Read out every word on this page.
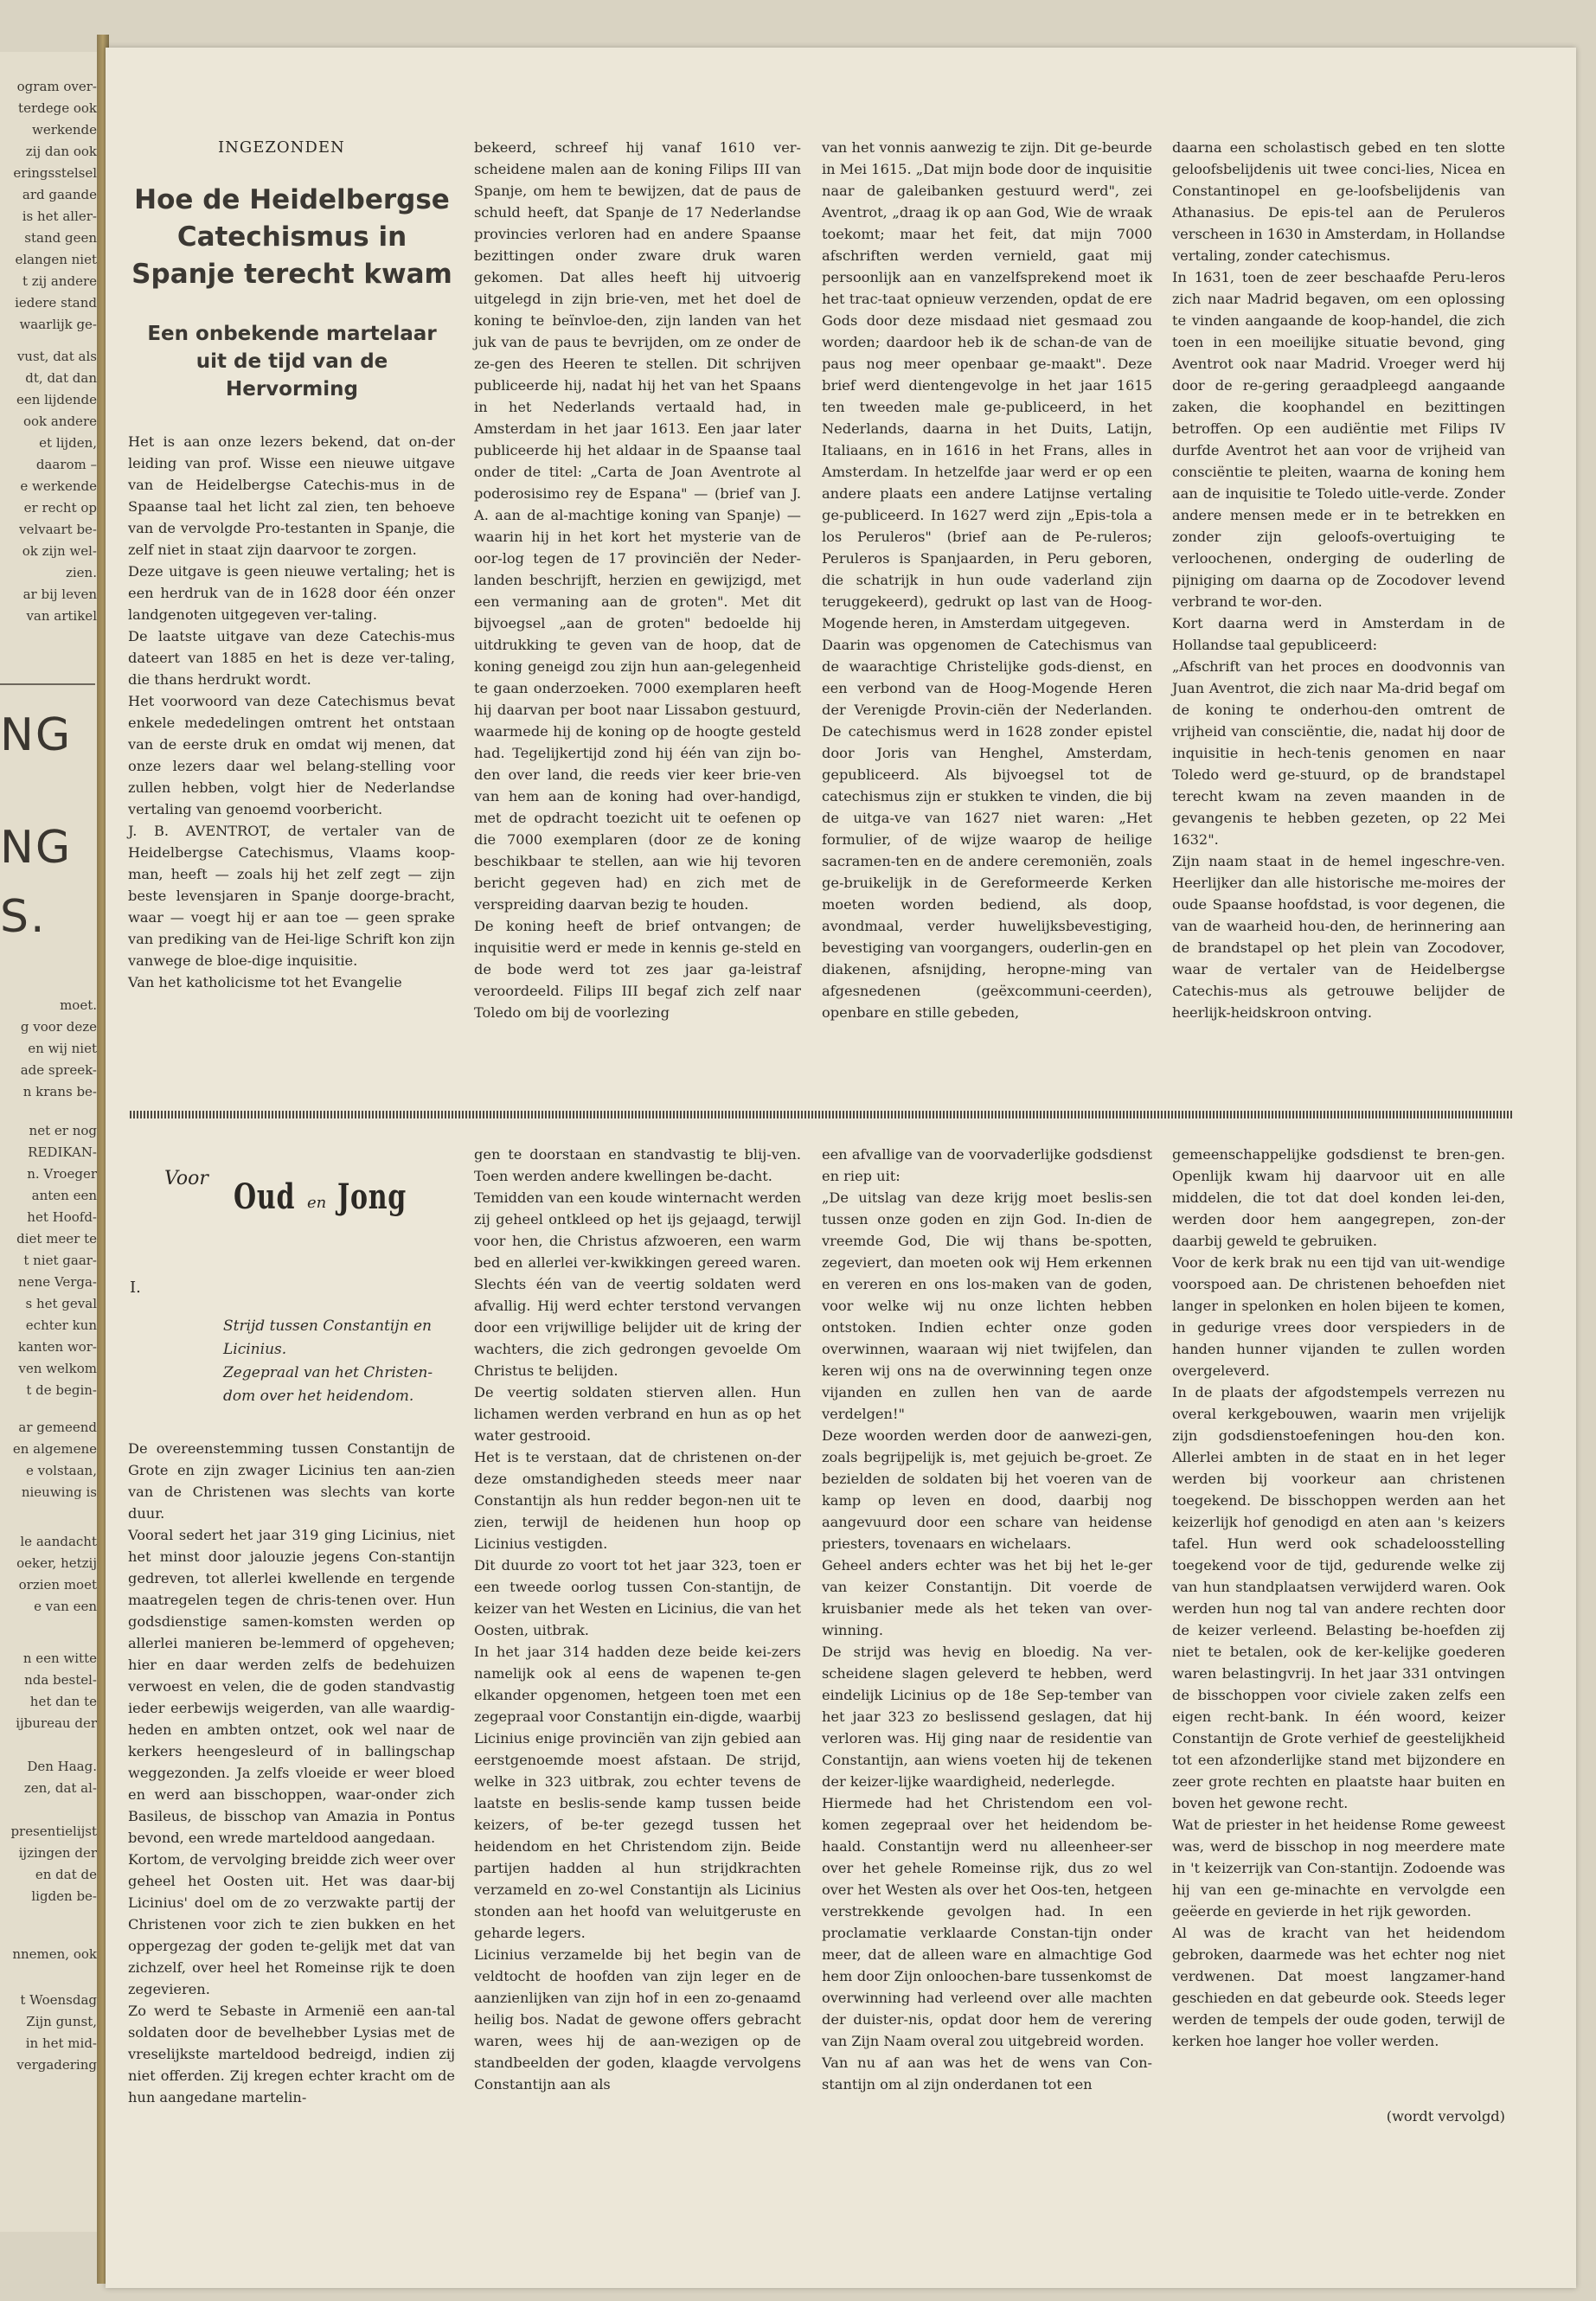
ogram over-
terdege ook
werkende
zij dan ook
eringsstelsel
ard gaande
is het aller-
stand geen
elangen niet
t zij andere
iedere stand
waarlijk ge-
vust, dat als
dt, dat dan
een lijdende
ook andere
et lijden,
daarom –
e werkende
er recht op
velvaart be-
ok zijn wel-
zien.
ar bij leven
van artikel
moet.
g voor deze
en wij niet
ade spreek-
n krans be-
net er nog
REDIKAN-
n. Vroeger
anten een
het Hoofd-
diet meer te
t niet gaar-
nene Verga-
s het geval
echter kun
kanten wor-
ven welkom
t de begin-
ar gemeend
en algemene
e volstaan,
nieuwing is
le aandacht
oeker, hetzij
orzien moet
e van een
n een witte
nda bestel-
het dan te
ijbureau der
Den Haag.
zen, dat al-
presentielijst
ijzingen der
en dat de
ligden be-
nnemen, ook
t Woensdag
Zijn gunst,
in het mid-
vergadering
NG
NG
S.
INGEZONDEN
Hoe de Heidelbergse Catechismus in Spanje terecht kwam
Een onbekende martelaar uit de tijd van de Hervorming

Het is aan onze lezers bekend, dat on-der leiding van prof. Wisse een nieuwe uitgave van de Heidelbergse Catechis-mus in de Spaanse taal het licht zal zien, ten behoeve van de vervolgde Pro-testanten in Spanje, die zelf niet in staat zijn daarvoor te zorgen.

Deze uitgave is geen nieuwe vertaling; het is een herdruk van de in 1628 door één onzer landgenoten uitgegeven ver-taling.

De laatste uitgave van deze Catechis-mus dateert van 1885 en het is deze ver-taling, die thans herdrukt wordt.

Het voorwoord van deze Catechismus bevat enkele mededelingen omtrent het ontstaan van de eerste druk en omdat wij menen, dat onze lezers daar wel belang-stelling voor zullen hebben, volgt hier de Nederlandse vertaling van genoemd voorbericht.

J. B. AVENTROT, de vertaler van de Heidelbergse Catechismus, Vlaams koop-man, heeft — zoals hij het zelf zegt — zijn beste levensjaren in Spanje doorge-bracht, waar — voegt hij er aan toe — geen sprake van prediking van de Hei-lige Schrift kon zijn vanwege de bloe-dige inquisitie.

Van het katholicisme tot het Evangelie

bekeerd, schreef hij vanaf 1610 ver-scheidene malen aan de koning Filips III van Spanje, om hem te bewijzen, dat de paus de schuld heeft, dat Spanje de 17 Nederlandse provincies verloren had en andere Spaanse bezittingen onder zware druk waren gekomen. Dat alles heeft hij uitvoerig uitgelegd in zijn brie-ven, met het doel de koning te beïnvloe-den, zijn landen van het juk van de paus te bevrijden, om ze onder de ze-gen des Heeren te stellen. Dit schrijven publiceerde hij, nadat hij het van het Spaans in het Nederlands vertaald had, in Amsterdam in het jaar 1613. Een jaar later publiceerde hij het aldaar in de Spaanse taal onder de titel: „Carta de Joan Aventrote al poderosisimo rey de Espana" — (brief van J. A. aan de al-machtige koning van Spanje) — waarin hij in het kort het mysterie van de oor-log tegen de 17 provinciën der Neder-landen beschrijft, herzien en gewijzigd, met een vermaning aan de groten". Met dit bijvoegsel „aan de groten" bedoelde hij uitdrukking te geven van de hoop, dat de koning geneigd zou zijn hun aan-gelegenheid te gaan onderzoeken. 7000 exemplaren heeft hij daarvan per boot naar Lissabon gestuurd, waarmede hij de koning op de hoogte gesteld had. Tegelijkertijd zond hij één van zijn bo-den over land, die reeds vier keer brie-ven van hem aan de koning had over-handigd, met de opdracht toezicht uit te oefenen op die 7000 exemplaren (door ze de koning beschikbaar te stellen, aan wie hij tevoren bericht gegeven had) en zich met de verspreiding daarvan bezig te houden.

De koning heeft de brief ontvangen; de inquisitie werd er mede in kennis ge-steld en de bode werd tot zes jaar ga-leistraf veroordeeld. Filips III begaf zich zelf naar Toledo om bij de voorlezing

van het vonnis aanwezig te zijn. Dit ge-beurde in Mei 1615. „Dat mijn bode door de inquisitie naar de galeibanken gestuurd werd", zei Aventrot, „draag ik op aan God, Wie de wraak toekomt; maar het feit, dat mijn 7000 afschriften werden vernield, gaat mij persoonlijk aan en vanzelfsprekend moet ik het trac-taat opnieuw verzenden, opdat de ere Gods door deze misdaad niet gesmaad zou worden; daardoor heb ik de schan-de van de paus nog meer openbaar ge-maakt". Deze brief werd dientengevolge in het jaar 1615 ten tweeden male ge-publiceerd, in het Nederlands, daarna in het Duits, Latijn, Italiaans, en in 1616 in het Frans, alles in Amsterdam. In hetzelfde jaar werd er op een andere plaats een andere Latijnse vertaling ge-publiceerd. In 1627 werd zijn „Epis-tola a los Peruleros" (brief aan de Pe-ruleros; Peruleros is Spanjaarden, in Peru geboren, die schatrijk in hun oude vaderland zijn teruggekeerd), gedrukt op last van de Hoog-Mogende heren, in Amsterdam uitgegeven.

Daarin was opgenomen de Catechismus van de waarachtige Christelijke gods-dienst, en een verbond van de Hoog-Mogende Heren der Verenigde Provin-ciën der Nederlanden. De catechismus werd in 1628 zonder epistel door Joris van Henghel, Amsterdam, gepubliceerd. Als bijvoegsel tot de catechismus zijn er stukken te vinden, die bij de uitga-ve van 1627 niet waren: „Het formulier, of de wijze waarop de heilige sacramen-ten en de andere ceremoniën, zoals ge-bruikelijk in de Gereformeerde Kerken moeten worden bediend, als doop, avondmaal, verder huwelijksbevestiging, bevestiging van voorgangers, ouderlin-gen en diakenen, afsnijding, heropne-ming van afgesnedenen (geëxcommuni-ceerden), openbare en stille gebeden,

daarna een scholastisch gebed en ten slotte geloofsbelijdenis uit twee conci-lies, Nicea en Constantinopel en ge-loofsbelijdenis van Athanasius. De epis-tel aan de Peruleros verscheen in 1630 in Amsterdam, in Hollandse vertaling, zonder catechismus.

In 1631, toen de zeer beschaafde Peru-leros zich naar Madrid begaven, om een oplossing te vinden aangaande de koop-handel, die zich toen in een moeilijke situatie bevond, ging Aventrot ook naar Madrid. Vroeger werd hij door de re-gering geraadpleegd aangaande zaken, die koophandel en bezittingen betroffen. Op een audiëntie met Filips IV durfde Aventrot het aan voor de vrijheid van consciëntie te pleiten, waarna de koning hem aan de inquisitie te Toledo uitle-verde. Zonder andere mensen mede er in te betrekken en zonder zijn geloofs-overtuiging te verloochenen, onderging de ouderling de pijniging om daarna op de Zocodover levend verbrand te wor-den.

Kort daarna werd in Amsterdam in de Hollandse taal gepubliceerd:

„Afschrift van het proces en doodvonnis van Juan Aventrot, die zich naar Ma-drid begaf om de koning te onderhou-den omtrent de vrijheid van consciëntie, die, nadat hij door de inquisitie in hech-tenis genomen en naar Toledo werd ge-stuurd, op de brandstapel terecht kwam na zeven maanden in de gevangenis te hebben gezeten, op 22 Mei 1632".

Zijn naam staat in de hemel ingeschre-ven. Heerlijker dan alle historische me-moires der oude Spaanse hoofdstad, is voor degenen, die van de waarheid hou-den, de herinnering aan de brandstapel op het plein van Zocodover, waar de vertaler van de Heidelbergse Catechis-mus als getrouwe belijder de heerlijk-heidskroon ontving.

Voor Oud en Jong
I.
Strijd tussen Constantijn en Licinius.
Zegepraal van het Christen-dom over het heidendom.

De overeenstemming tussen Constantijn de Grote en zijn zwager Licinius ten aan-zien van de Christenen was slechts van korte duur.

Vooral sedert het jaar 319 ging Licinius, niet het minst door jalouzie jegens Con-stantijn gedreven, tot allerlei kwellende en tergende maatregelen tegen de chris-tenen over. Hun godsdienstige samen-komsten werden op allerlei manieren be-lemmerd of opgeheven; hier en daar werden zelfs de bedehuizen verwoest en velen, die de goden standvastig ieder eerbewijs weigerden, van alle waardig-heden en ambten ontzet, ook wel naar de kerkers heengesleurd of in ballingschap weggezonden. Ja zelfs vloeide er weer bloed en werd aan bisschoppen, waar-onder zich Basileus, de bisschop van Amazia in Pontus bevond, een wrede marteldood aangedaan.

Kortom, de vervolging breidde zich weer over geheel het Oosten uit. Het was daar-bij Licinius' doel om de zo verzwakte partij der Christenen voor zich te zien bukken en het oppergezag der goden te-gelijk met dat van zichzelf, over heel het Romeinse rijk te doen zegevieren.

Zo werd te Sebaste in Armenië een aan-tal soldaten door de bevelhebber Lysias met de vreselijkste marteldood bedreigd, indien zij niet offerden. Zij kregen echter kracht om de hun aangedane martelin-

gen te doorstaan en standvastig te blij-ven. Toen werden andere kwellingen be-dacht.

Temidden van een koude winternacht werden zij geheel ontkleed op het ijs gejaagd, terwijl voor hen, die Christus afzwoeren, een warm bed en allerlei ver-kwikkingen gereed waren. Slechts één van de veertig soldaten werd afvallig. Hij werd echter terstond vervangen door een vrijwillige belijder uit de kring der wachters, die zich gedrongen gevoelde Om Christus te belijden.

De veertig soldaten stierven allen. Hun lichamen werden verbrand en hun as op het water gestrooid.

Het is te verstaan, dat de christenen on-der deze omstandigheden steeds meer naar Constantijn als hun redder begon-nen uit te zien, terwijl de heidenen hun hoop op Licinius vestigden.

Dit duurde zo voort tot het jaar 323, toen er een tweede oorlog tussen Con-stantijn, de keizer van het Westen en Licinius, die van het Oosten, uitbrak.

In het jaar 314 hadden deze beide kei-zers namelijk ook al eens de wapenen te-gen elkander opgenomen, hetgeen toen met een zegepraal voor Constantijn ein-digde, waarbij Licinius enige provinciën van zijn gebied aan eerstgenoemde moest afstaan. De strijd, welke in 323 uitbrak, zou echter tevens de laatste en beslis-sende kamp tussen beide keizers, of be-ter gezegd tussen het heidendom en het Christendom zijn. Beide partijen hadden al hun strijdkrachten verzameld en zo-wel Constantijn als Licinius stonden aan het hoofd van weluitgeruste en geharde legers.

Licinius verzamelde bij het begin van de veldtocht de hoofden van zijn leger en de aanzienlijken van zijn hof in een zo-genaamd heilig bos. Nadat de gewone offers gebracht waren, wees hij de aan-wezigen op de standbeelden der goden, klaagde vervolgens Constantijn aan als

een afvallige van de voorvaderlijke godsdienst en riep uit:

„De uitslag van deze krijg moet beslis-sen tussen onze goden en zijn God. In-dien de vreemde God, Die wij thans be-spotten, zegeviert, dan moeten ook wij Hem erkennen en vereren en ons los-maken van de goden, voor welke wij nu onze lichten hebben ontstoken. Indien echter onze goden overwinnen, waaraan wij niet twijfelen, dan keren wij ons na de overwinning tegen onze vijanden en zullen hen van de aarde verdelgen!"

Deze woorden werden door de aanwezi-gen, zoals begrijpelijk is, met gejuich be-groet. Ze bezielden de soldaten bij het voeren van de kamp op leven en dood, daarbij nog aangevuurd door een schare van heidense priesters, tovenaars en wichelaars.

Geheel anders echter was het bij het le-ger van keizer Constantijn. Dit voerde de kruisbanier mede als het teken van over-winning.

De strijd was hevig en bloedig. Na ver-scheidene slagen geleverd te hebben, werd eindelijk Licinius op de 18e Sep-tember van het jaar 323 zo beslissend geslagen, dat hij verloren was. Hij ging naar de residentie van Constantijn, aan wiens voeten hij de tekenen der keizer-lijke waardigheid, nederlegde.

Hiermede had het Christendom een vol-komen zegepraal over het heidendom be-haald. Constantijn werd nu alleenheer-ser over het gehele Romeinse rijk, dus zo wel over het Westen als over het Oos-ten, hetgeen verstrekkende gevolgen had. In een proclamatie verklaarde Constan-tijn onder meer, dat de alleen ware en almachtige God hem door Zijn onloochen-bare tussenkomst de overwinning had verleend over alle machten der duister-nis, opdat door hem de verering van Zijn Naam overal zou uitgebreid worden.

Van nu af aan was het de wens van Con-stantijn om al zijn onderdanen tot een

gemeenschappelijke godsdienst te bren-gen. Openlijk kwam hij daarvoor uit en alle middelen, die tot dat doel konden lei-den, werden door hem aangegrepen, zon-der daarbij geweld te gebruiken.

Voor de kerk brak nu een tijd van uit-wendige voorspoed aan. De christenen behoefden niet langer in spelonken en holen bijeen te komen, in gedurige vrees door verspieders in de handen hunner vijanden te zullen worden overgeleverd.

In de plaats der afgodstempels verrezen nu overal kerkgebouwen, waarin men vrijelijk zijn godsdienstoefeningen hou-den kon. Allerlei ambten in de staat en in het leger werden bij voorkeur aan christenen toegekend. De bisschoppen werden aan het keizerlijk hof genodigd en aten aan 's keizers tafel. Hun werd ook schadeloosstelling toegekend voor de tijd, gedurende welke zij van hun standplaatsen verwijderd waren. Ook werden hun nog tal van andere rechten door de keizer verleend. Belasting be-hoefden zij niet te betalen, ook de ker-kelijke goederen waren belastingvrij. In het jaar 331 ontvingen de bisschoppen voor civiele zaken zelfs een eigen recht-bank. In één woord, keizer Constantijn de Grote verhief de geestelijkheid tot een afzonderlijke stand met bijzondere en zeer grote rechten en plaatste haar buiten en boven het gewone recht.

Wat de priester in het heidense Rome geweest was, werd de bisschop in nog meerdere mate in 't keizerrijk van Con-stantijn. Zodoende was hij van een ge-minachte en vervolgde een geëerde en gevierde in het rijk geworden.

Al was de kracht van het heidendom gebroken, daarmede was het echter nog niet verdwenen. Dat moest langzamer-hand geschieden en dat gebeurde ook. Steeds leger werden de tempels der oude goden, terwijl de kerken hoe langer hoe voller werden.

(wordt vervolgd)
